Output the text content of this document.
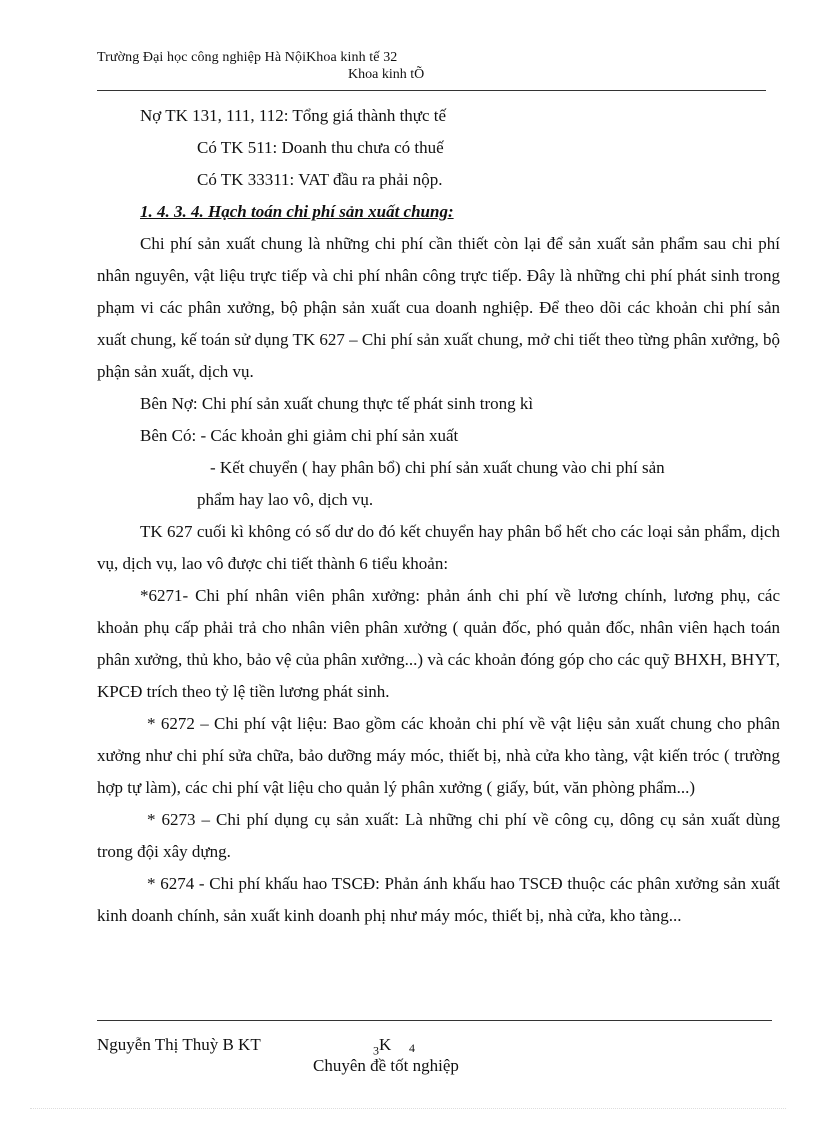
Trường Đại học công nghiệp Hà NộiKhoa kinh tế 32
Khoa kinh tÕ

Nợ TK 131, 111, 112: Tổng giá thành thực tế

Có TK 511: Doanh thu chưa có thuế

Có TK 33311: VAT đầu ra phải nộp.

1. 4. 3. 4. Hạch toán chi phí sản xuất chung:

Chi phí sản xuất chung là những chi phí cần thiết còn lại để sản xuất sản phẩm sau chi phí nhân nguyên, vật liệu trực tiếp và chi phí nhân công trực tiếp. Đây là những chi phí phát sinh trong phạm vi các phân xưởng, bộ phận sản xuất cua doanh nghiệp. Để theo dõi các khoản chi phí sản xuất chung, kế toán sử dụng TK 627 – Chi phí sản xuất chung, mở chi tiết theo từng phân xưởng, bộ phận sản xuất, dịch vụ.

Bên Nợ: Chi phí sản xuất chung thực tế phát sinh trong kì

Bên Có: - Các khoản ghi giảm chi phí sản xuất

- Kết chuyển ( hay phân bổ) chi phí sản xuất chung vào chi phí sản

phẩm hay lao vô, dịch vụ.

TK 627 cuối kì không có số dư do đó kết chuyển hay phân bổ hết cho các loại sản phẩm, dịch vụ, dịch vụ, lao vô được chi tiết thành 6 tiểu khoản:

*6271- Chi phí nhân viên phân xưởng: phản ánh chi phí về lương chính, lương phụ, các khoản phụ cấp phải trả cho nhân viên phân xưởng ( quản đốc, phó quản đốc, nhân viên hạch toán phân xưởng, thủ kho, bảo vệ của phân xưởng...) và các khoản đóng góp cho các quỹ BHXH, BHYT, KPCĐ trích theo tỷ lệ tiền lương phát sinh.

* 6272 – Chi phí vật liệu: Bao gồm các khoản chi phí về vật liệu sản xuất chung cho phân xưởng như chi phí sửa chữa, bảo dưỡng máy móc, thiết bị, nhà cửa kho tàng, vật kiến tróc ( trường hợp tự làm), các chi phí vật liệu cho quản lý phân xưởng ( giấy, bút, văn phòng phẩm...)

* 6273 – Chi phí dụng cụ sản xuất: Là những chi phí về công cụ, dông cụ sản xuất dùng trong đội xây dựng.

* 6274 - Chi phí khấu hao TSCĐ: Phản ánh khấu hao TSCĐ thuộc các phân xưởng sản xuất kinh doanh chính, sản xuất kinh doanh phị như máy móc, thiết bị, nhà cửa, kho tàng...

Nguyễn Thị Thuỳ B KT	$_3$K 4
Chuyên đề tốt nghiệp
